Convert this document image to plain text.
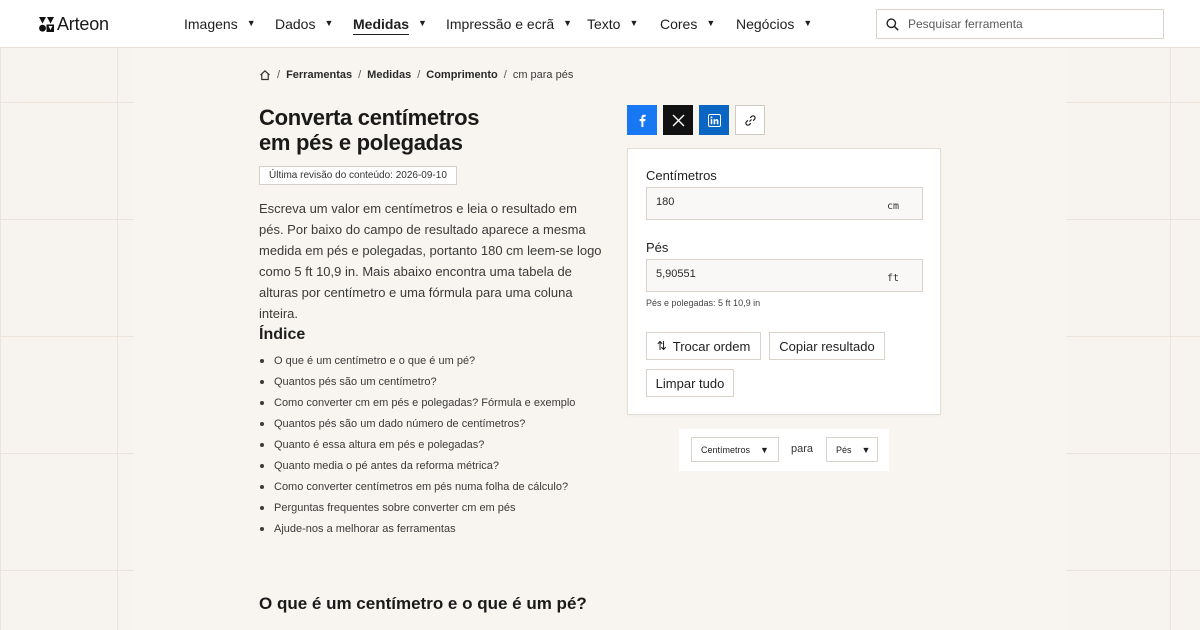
Arteon	Imagens ▼ Dados ▼ Medidas ▼ Impressão e ecrã ▼ Texto ▼ Cores ▼ Negócios ▼
Pesquisar ferramenta
/ Ferramentas / Medidas / Comprimento / cm para pés
Converta centímetros
em pés e polegadas
Última revisão do conteúdo: 2026-09-10

Escreva um valor em centímetros e leia o resultado em pés. Por baixo do campo de resultado aparece a mesma medida em pés e polegadas, portanto 180 cm leem-se logo como 5 ft 10,9 in. Mais abaixo encontra uma tabela de alturas por centímetro e uma fórmula para uma coluna inteira.

Índice
O que é um centímetro e o que é um pé?
Quantos pés são um centímetro?
Como converter cm em pés e polegadas? Fórmula e exemplo
Quantos pés são um dado número de centímetros?
Quanto é essa altura em pés e polegadas?
Quanto media o pé antes da reforma métrica?
Como converter centímetros em pés numa folha de cálculo?
Perguntas frequentes sobre converter cm em pés
Ajude-nos a melhorar as ferramentas
O que é um centímetro e o que é um pé?
Centímetros
180
cm
Pés
5,90551
ft
Pés e polegadas: 5 ft 10,9 in
⇅ Trocar ordem Copiar resultado
Limpar tudo
Centímetros ▼ para	Pés ▼
